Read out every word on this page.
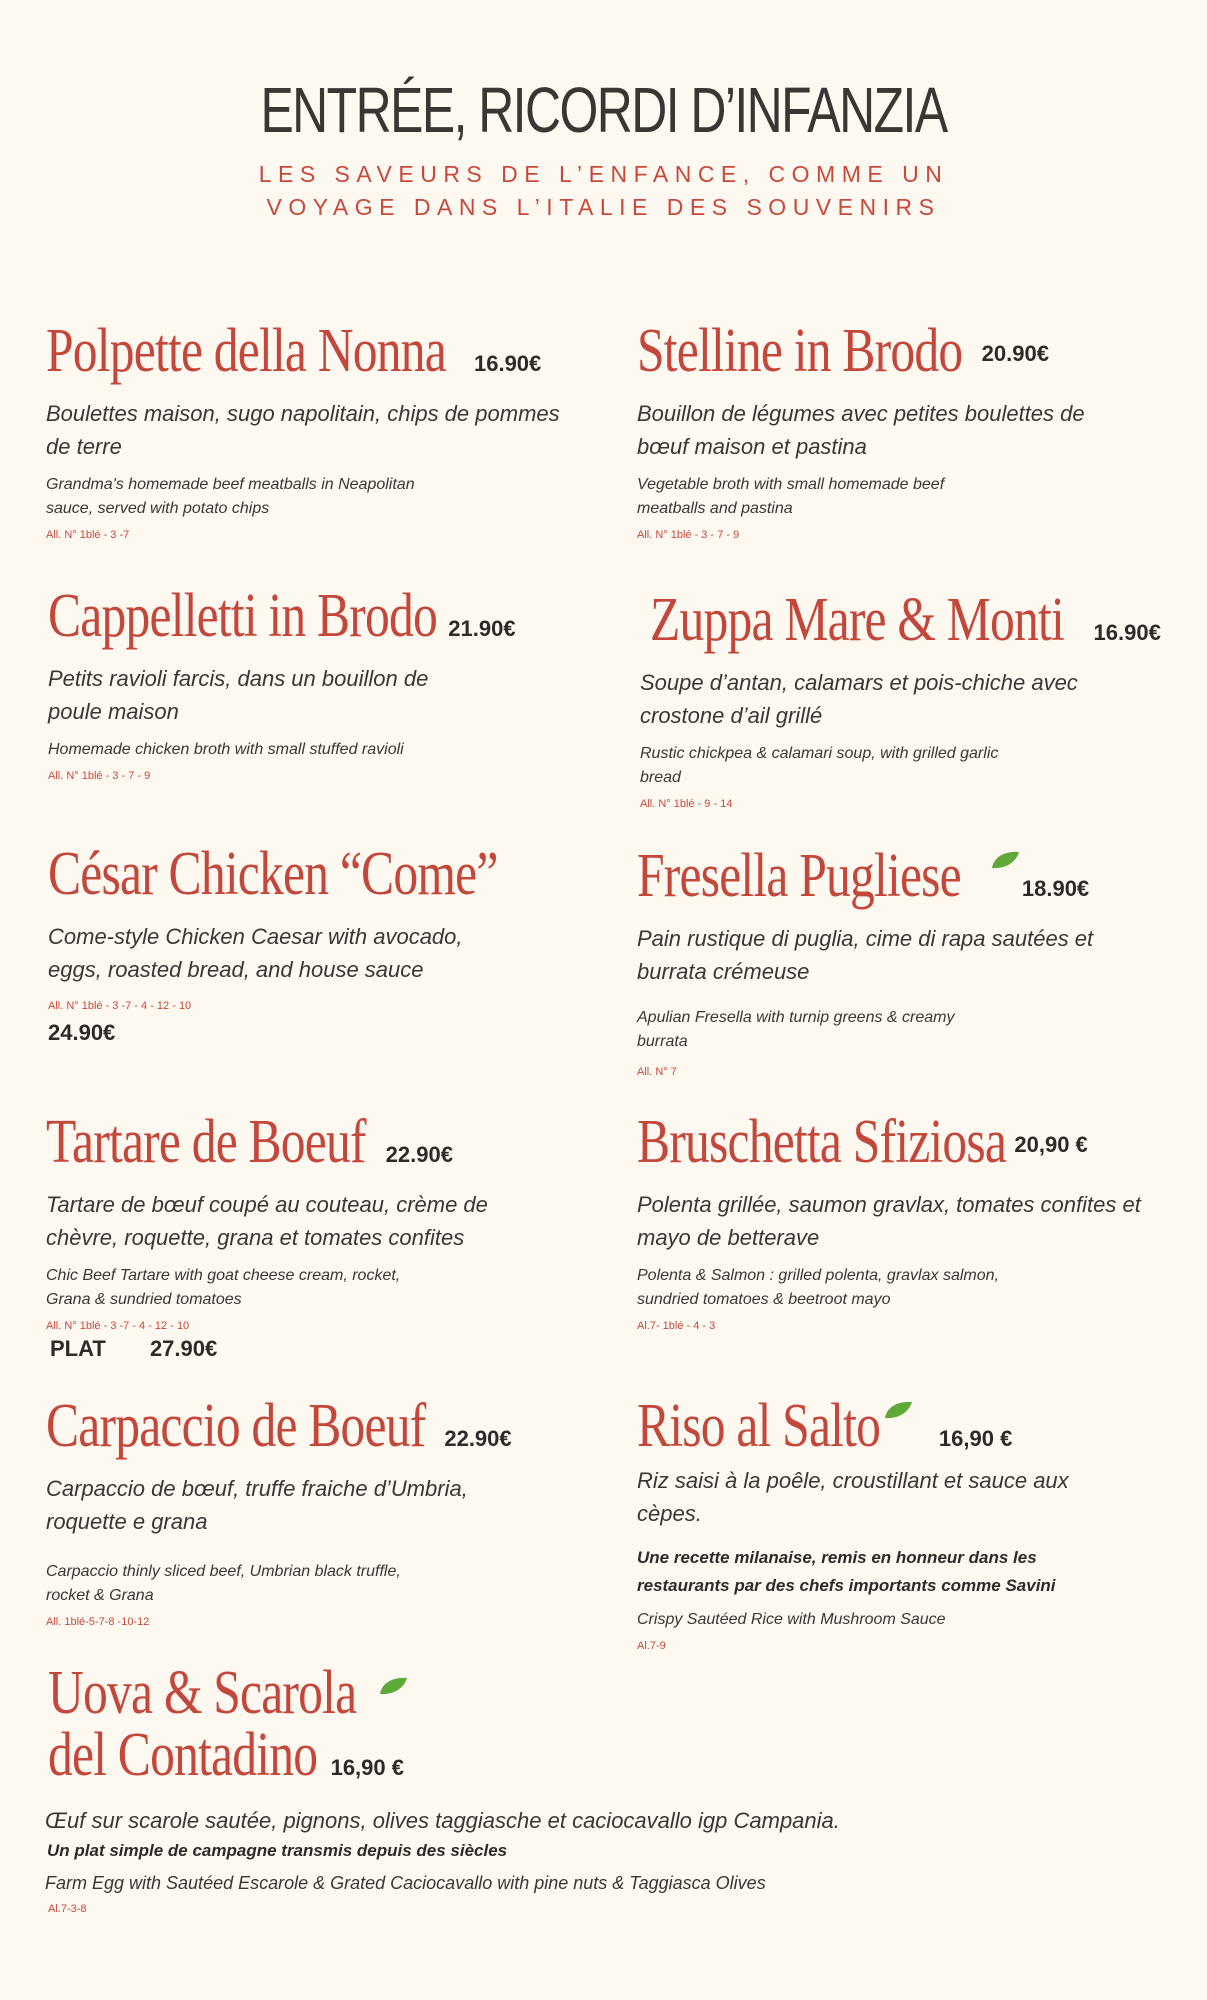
ENTRÉE, RICORDI D’INFANZIA
LES SAVEURS DE L’ENFANCE, COMME UN
VOYAGE DANS L’ITALIE DES SOUVENIRS
Polpette della Nonna 16.90€
Boulettes maison, sugo napolitain, chips de pommes de terre
Grandma's homemade beef meatballs in Neapolitan sauce, served with potato chips
All. N° 1blé - 3 -7
Cappelletti in Brodo 21.90€
Petits ravioli farcis, dans un bouillon de poule maison
Homemade chicken broth with small stuffed ravioli
All. N° 1blé - 3 - 7 - 9
César Chicken “Come”
Come-style Chicken Caesar with avocado, eggs, roasted bread, and house sauce
All. N° 1blé - 3 -7 - 4 - 12 - 10
24.90€
Tartare de Boeuf 22.90€
Tartare de bœuf coupé au couteau, crème de chèvre, roquette, grana et tomates confites
Chic Beef Tartare with goat cheese cream, rocket, Grana & sundried tomatoes
All. N° 1blé - 3 -7 - 4 - 12 - 10
PLAT 27.90€
Carpaccio de Boeuf 22.90€
Carpaccio de bœuf, truffe fraiche d’Umbria, roquette e grana
Carpaccio thinly sliced beef, Umbrian black truffle, rocket & Grana
All. 1blé-5-7-8 -10-12
Uova & Scarola
del Contadino 16,90 €
Œuf sur scarole sautée, pignons, olives taggiasche et caciocavallo igp Campania.
Un plat simple de campagne transmis depuis des siècles
Farm Egg with Sautéed Escarole & Grated Caciocavallo with pine nuts & Taggiasca Olives
Al.7-3-8
Stelline in Brodo 20.90€
Bouillon de légumes avec petites boulettes de bœuf maison et pastina
Vegetable broth with small homemade beef meatballs and pastina
All. N° 1blé - 3 - 7 - 9
Zuppa Mare & Monti 16.90€
Soupe d’antan, calamars et pois-chiche avec crostone d’ail grillé
Rustic chickpea & calamari soup, with grilled garlic bread
All. N° 1blé - 9 - 14
Fresella Pugliese	18.90€
Pain rustique di puglia, cime di rapa sautées et burrata crémeuse
Apulian Fresella with turnip greens & creamy burrata
All. N° 7
Bruschetta Sfiziosa 20,90 €
Polenta grillée, saumon gravlax, tomates confites et mayo de betterave
Polenta & Salmon : grilled polenta, gravlax salmon, sundried tomatoes & beetroot mayo
Al.7- 1blé - 4 - 3
Riso al Salto	16,90 €
Riz saisi à la poêle, croustillant et sauce aux cèpes.
Une recette milanaise, remis en honneur dans les restaurants par des chefs importants comme Savini
Crispy Sautéed Rice with Mushroom Sauce
Al.7-9
